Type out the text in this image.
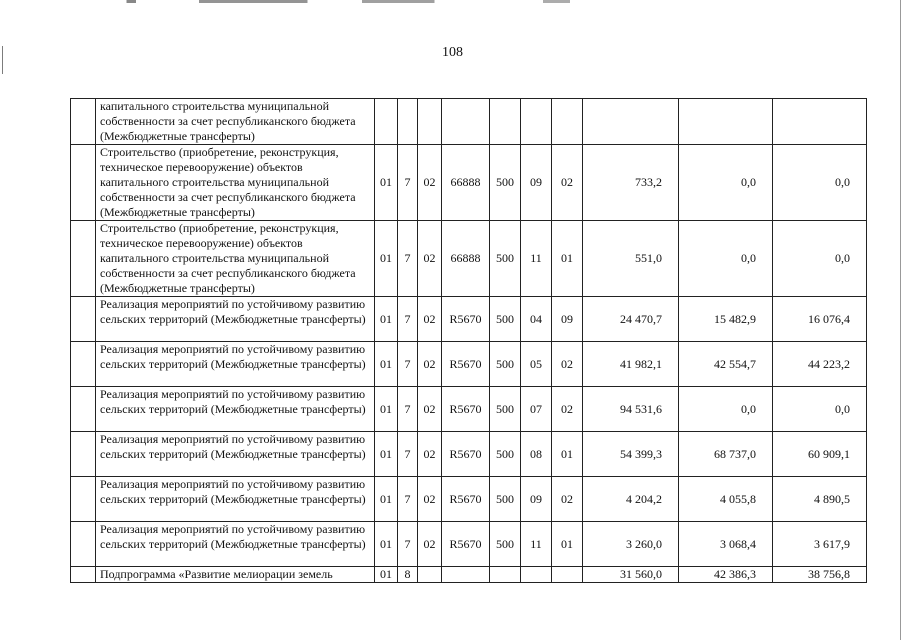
108
	капитального строительства муниципальной собственности за счет республиканского бюджета (Межбюджетные трансферты)										
	Строительство (приобретение, реконструкция, техническое перевооружение) объектов капитального строительства муниципальной собственности за счет республиканского бюджета (Межбюджетные трансферты)	01	7	02	66888	500	09	02	733,2	0,0	0,0
	Строительство (приобретение, реконструкция, техническое перевооружение) объектов капитального строительства муниципальной собственности за счет республиканского бюджета (Межбюджетные трансферты)	01	7	02	66888	500	11	01	551,0	0,0	0,0
	Реализация мероприятий по устойчивому развитию сельских территорий (Межбюджетные трансферты)	01	7	02	R5670	500	04	09	24 470,7	15 482,9	16 076,4
	Реализация мероприятий по устойчивому развитию сельских территорий (Межбюджетные трансферты)	01	7	02	R5670	500	05	02	41 982,1	42 554,7	44 223,2
	Реализация мероприятий по устойчивому развитию сельских территорий (Межбюджетные трансферты)	01	7	02	R5670	500	07	02	94 531,6	0,0	0,0
	Реализация мероприятий по устойчивому развитию сельских территорий (Межбюджетные трансферты)	01	7	02	R5670	500	08	01	54 399,3	68 737,0	60 909,1
	Реализация мероприятий по устойчивому развитию сельских территорий (Межбюджетные трансферты)	01	7	02	R5670	500	09	02	4 204,2	4 055,8	4 890,5
	Реализация мероприятий по устойчивому развитию сельских территорий (Межбюджетные трансферты)	01	7	02	R5670	500	11	01	3 260,0	3 068,4	3 617,9
	Подпрограмма «Развитие мелиорации земель	01	8						31 560,0	42 386,3	38 756,8
